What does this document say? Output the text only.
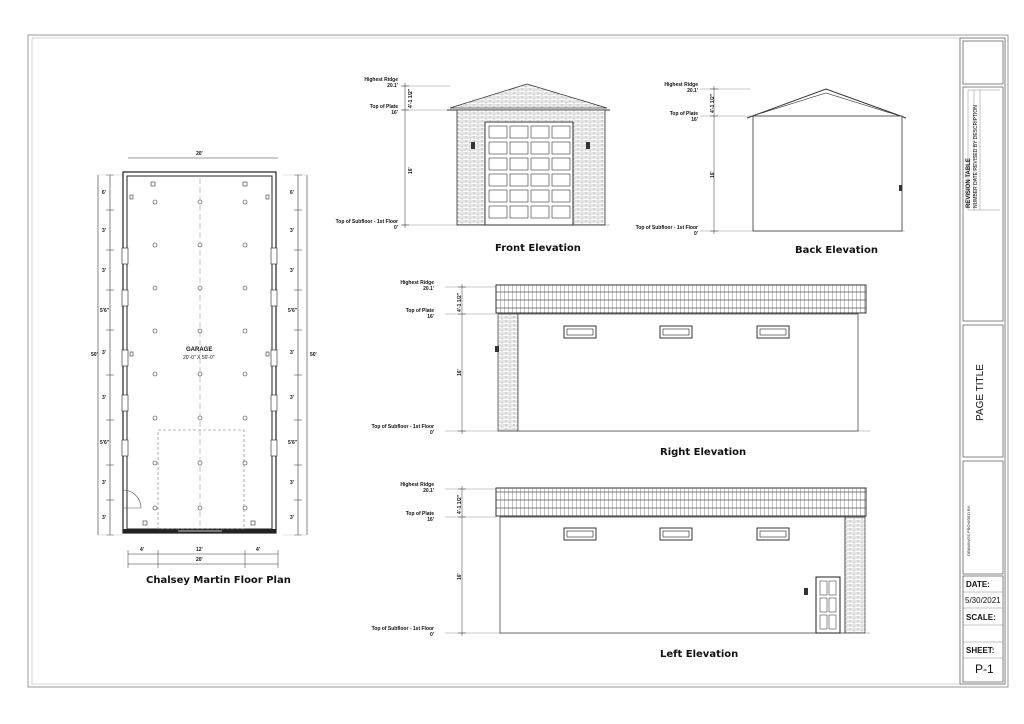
20'
20'
4'	12'	4'
50'	50'
6'
3'
3'
5'6"
3'
3'
5'6"
3'
3'
6'
3'
3'
5'6"
3'
3'
5'6"
3'
3'
GARAGE
20'-0" X 50'-0"
Chalsey Martin Floor Plan
Highest Ridge
20.1'
Top of Plate
16'
Top of Subfloor - 1st Floor
0'
4'-1 1/2"
16'
Front Elevation
Highest Ridge
20.1'
Top of Plate
16'
Top of Subfloor - 1st Floor
0'
4'-1 1/2"
16'
Back Elevation
Highest Ridge
20.1'
Top of Plate
16'
Top of Subfloor - 1st Floor
0'
4'-1 1/2"
16'
Right Elevation
Highest Ridge
20.1'
Top of Plate
16'
Top of Subfloor - 1st Floor
0'
4'-1 1/2"
16'
Left Elevation
REVISION TABLE NUMBER DATE REVISED BY DESCRIPTION
PAGE TITLE
DRAWINGS PROVIDED BY:
DATE:
5/30/2021
SCALE:
SHEET:
P-1
